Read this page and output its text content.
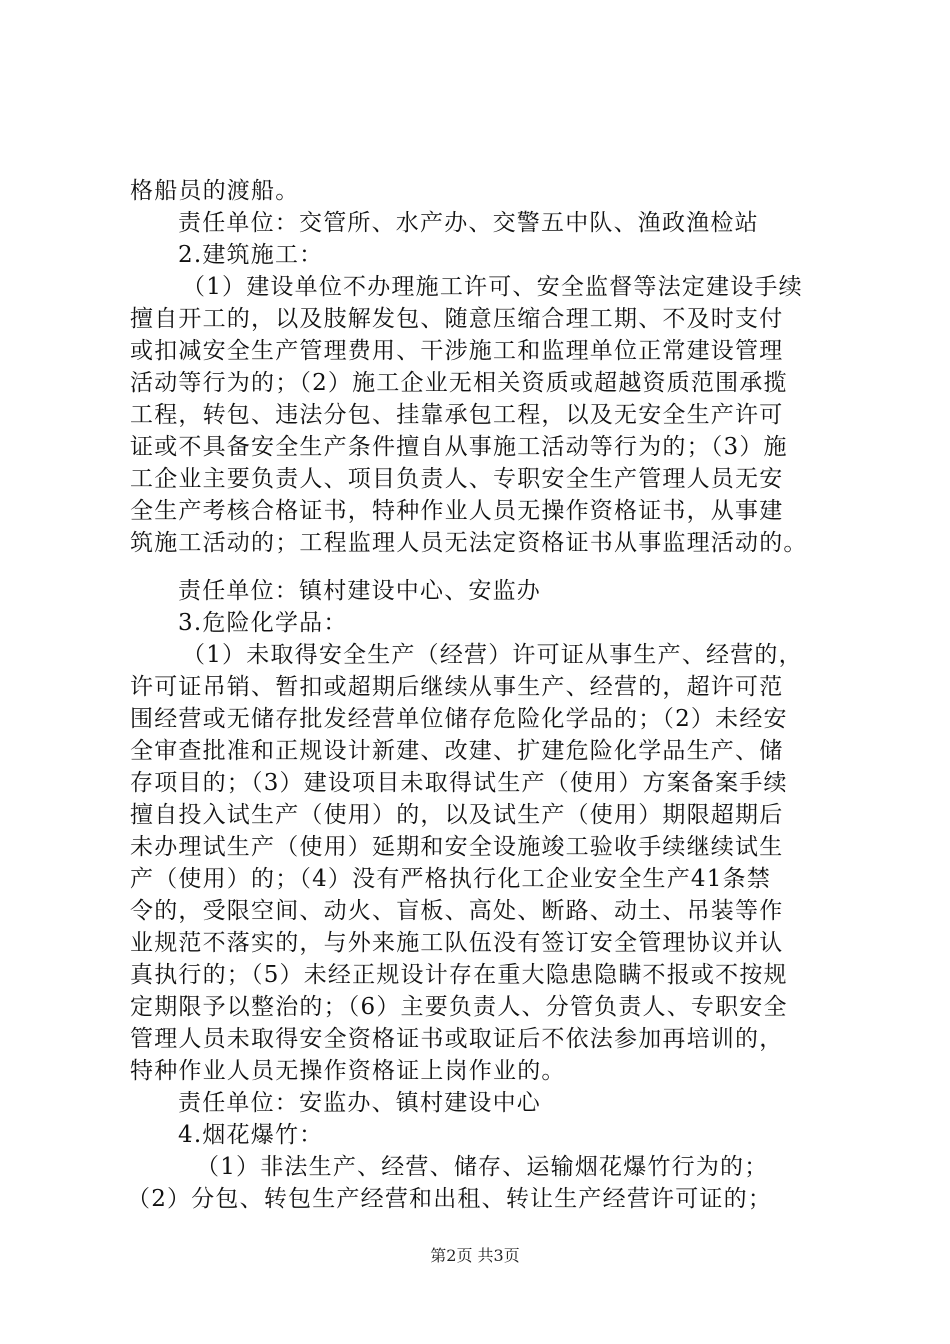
格船员的渡船。
责任单位：交管所、水产办、交警五中队、渔政渔检站
2.建筑施工：
（1）建设单位不办理施工许可、安全监督等法定建设手续
擅自开工的，以及肢解发包、随意压缩合理工期、不及时支付
或扣减安全生产管理费用、干涉施工和监理单位正常建设管理
活动等行为的；（2）施工企业无相关资质或超越资质范围承揽
工程，转包、违法分包、挂靠承包工程，以及无安全生产许可
证或不具备安全生产条件擅自从事施工活动等行为的；（3）施
工企业主要负责人、项目负责人、专职安全生产管理人员无安
全生产考核合格证书，特种作业人员无操作资格证书，从事建
筑施工活动的；工程监理人员无法定资格证书从事监理活动的。
责任单位：镇村建设中心、安监办
3.危险化学品：
（1）未取得安全生产（经营）许可证从事生产、经营的，
许可证吊销、暂扣或超期后继续从事生产、经营的，超许可范
围经营或无储存批发经营单位储存危险化学品的；（2）未经安
全审查批准和正规设计新建、改建、扩建危险化学品生产、储
存项目的；（3）建设项目未取得试生产（使用）方案备案手续
擅自投入试生产（使用）的，以及试生产（使用）期限超期后
未办理试生产（使用）延期和安全设施竣工验收手续继续试生
产（使用）的；（4）没有严格执行化工企业安全生产41条禁
令的，受限空间、动火、盲板、高处、断路、动土、吊装等作
业规范不落实的，与外来施工队伍没有签订安全管理协议并认
真执行的；（5）未经正规设计存在重大隐患隐瞒不报或不按规
定期限予以整治的；（6）主要负责人、分管负责人、专职安全
管理人员未取得安全资格证书或取证后不依法参加再培训的，
特种作业人员无操作资格证上岗作业的。
责任单位：安监办、镇村建设中心
4.烟花爆竹：
（1）非法生产、经营、储存、运输烟花爆竹行为的；
（2）分包、转包生产经营和出租、转让生产经营许可证的；
第2页 共3页
